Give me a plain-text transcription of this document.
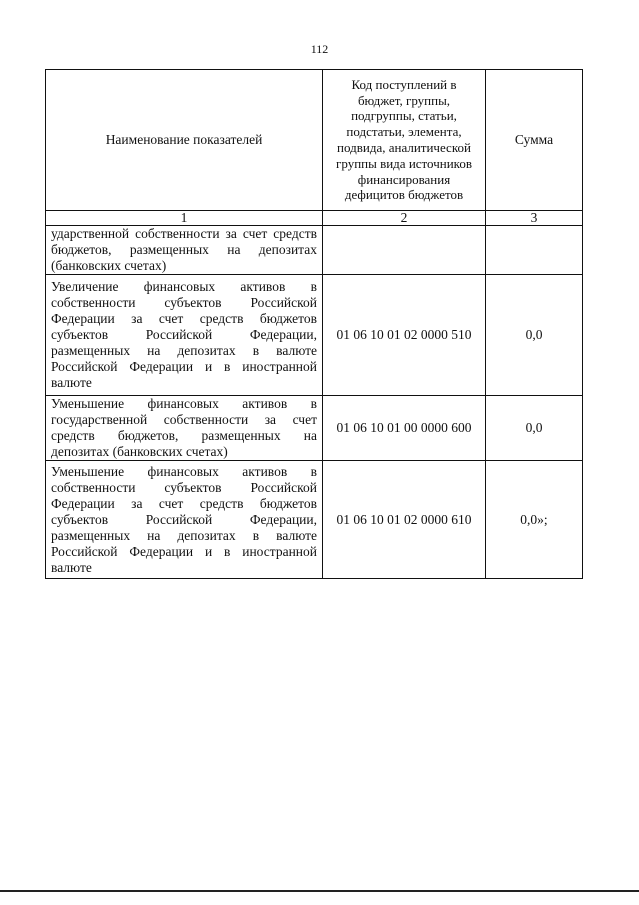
112
Наименование показателей	Код поступлений в бюджет, группы, подгруппы, статьи, подстатьи, элемента, подвида, аналитической группы вида источников финансирования дефицитов бюджетов	Сумма
1	2	3
ударственной собственности за счет средств бюджетов, размещенных на депозитах (банковских счетах)		
Увеличение финансовых активов в собственности субъектов Российской Федерации за счет средств бюджетов субъектов Российской Федерации, размещенных на депозитах в валюте Российской Федерации и в иностранной валюте	01 06 10 01 02 0000 510	0,0
Уменьшение финансовых активов в государственной собственности за счет средств бюджетов, размещенных на депозитах (банковских счетах)	01 06 10 01 00 0000 600	0,0
Уменьшение финансовых активов в собственности субъектов Российской Федерации за счет средств бюджетов субъектов Российской Федерации, размещенных на депозитах в валюте Российской Федерации и в иностранной валюте	01 06 10 01 02 0000 610	0,0»;
